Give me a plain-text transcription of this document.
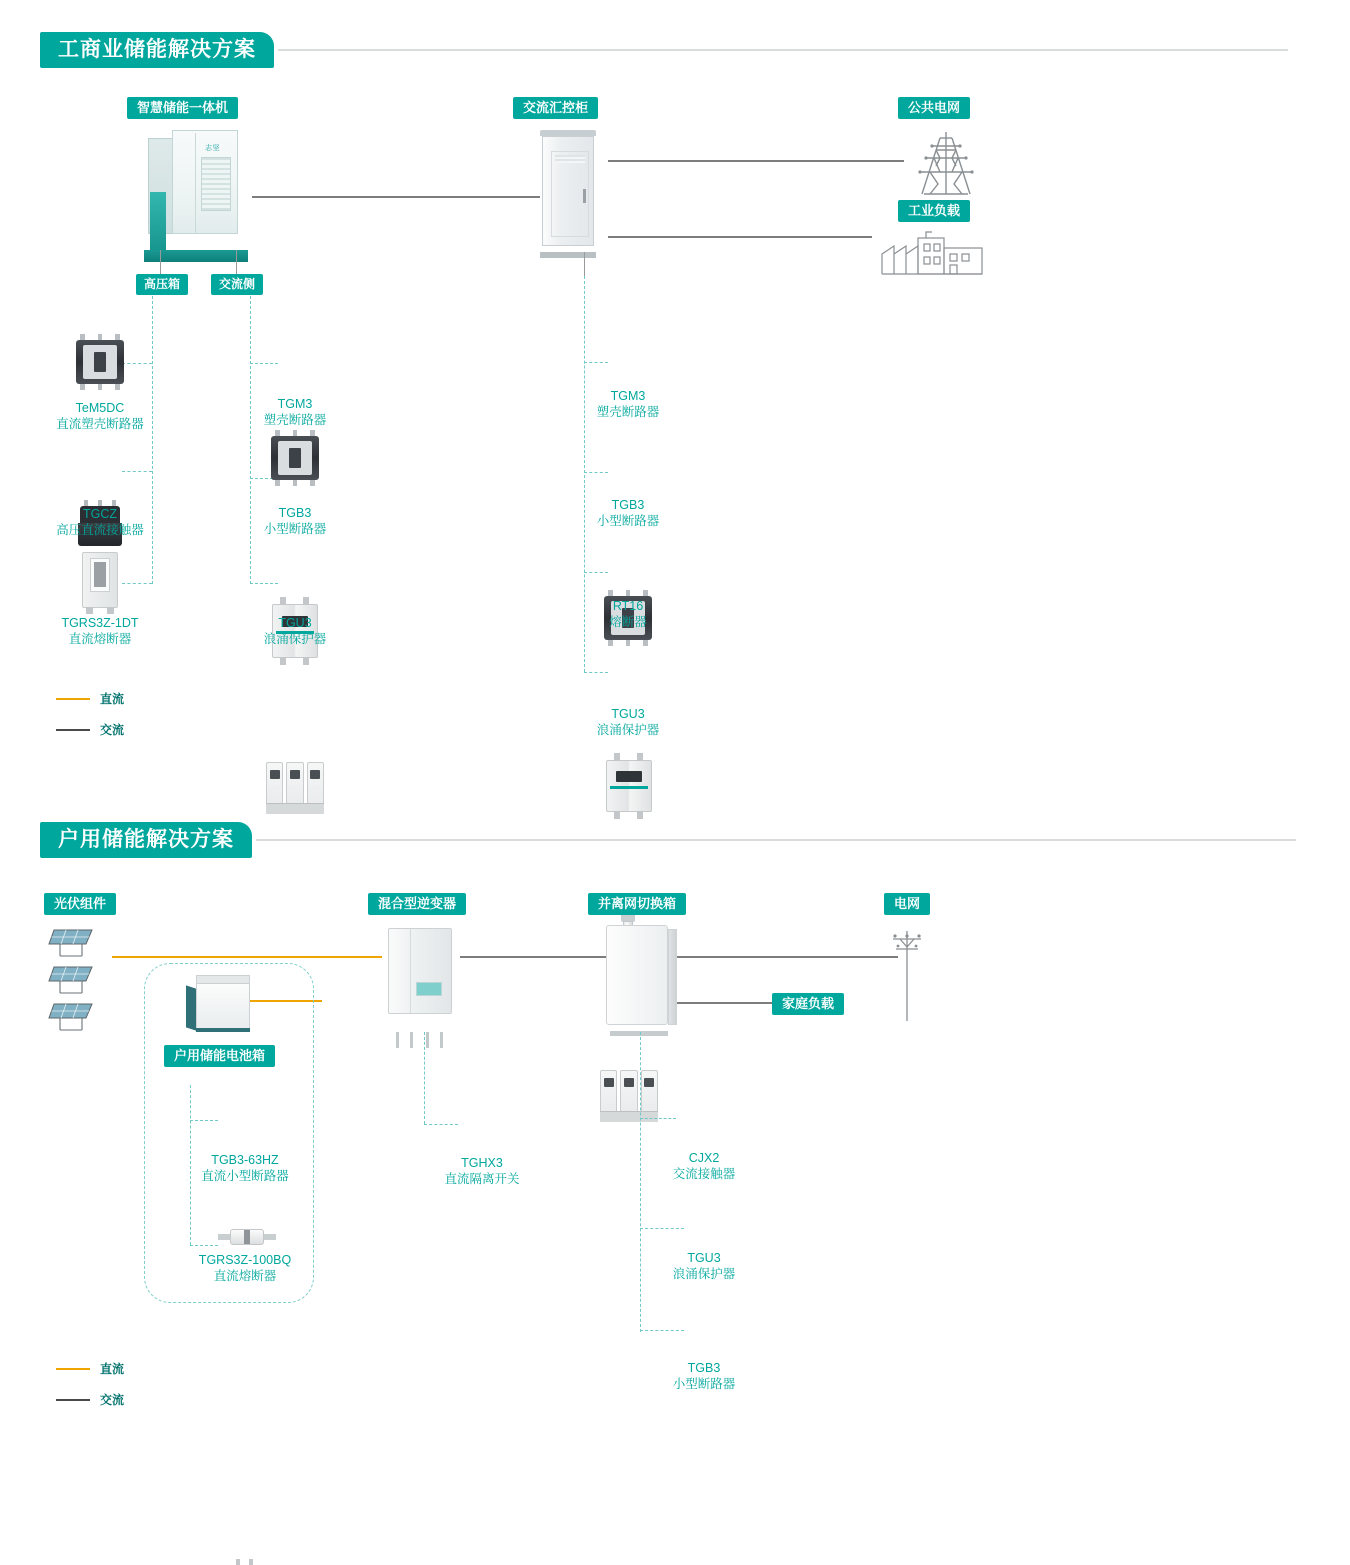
工商业储能解决方案
智慧储能一体机	交流汇控柜	公共电网
工业负载
志坚
高压箱	交流侧
TeM5DC
直流塑壳断路器
TGCZ
高压直流接触器
TGRS3Z-1DT
直流熔断器
TGM3
塑壳断路器
TGB3
小型断路器
TGU3
浪涌保护器
TGM3
塑壳断路器
TGB3
小型断路器
RT16
熔断器
TGU3
浪涌保护器
直流
交流
户用储能解决方案
光伏组件	混合型逆变器	并离网切换箱	电网
家庭负载
户用储能电池箱
TGB3-63HZ
直流小型断路器
TGRS3Z-100BQ
直流熔断器
TGHX3
直流隔离开关
CJX2
交流接触器
TGU3
浪涌保护器
TGB3
小型断路器
直流
交流
